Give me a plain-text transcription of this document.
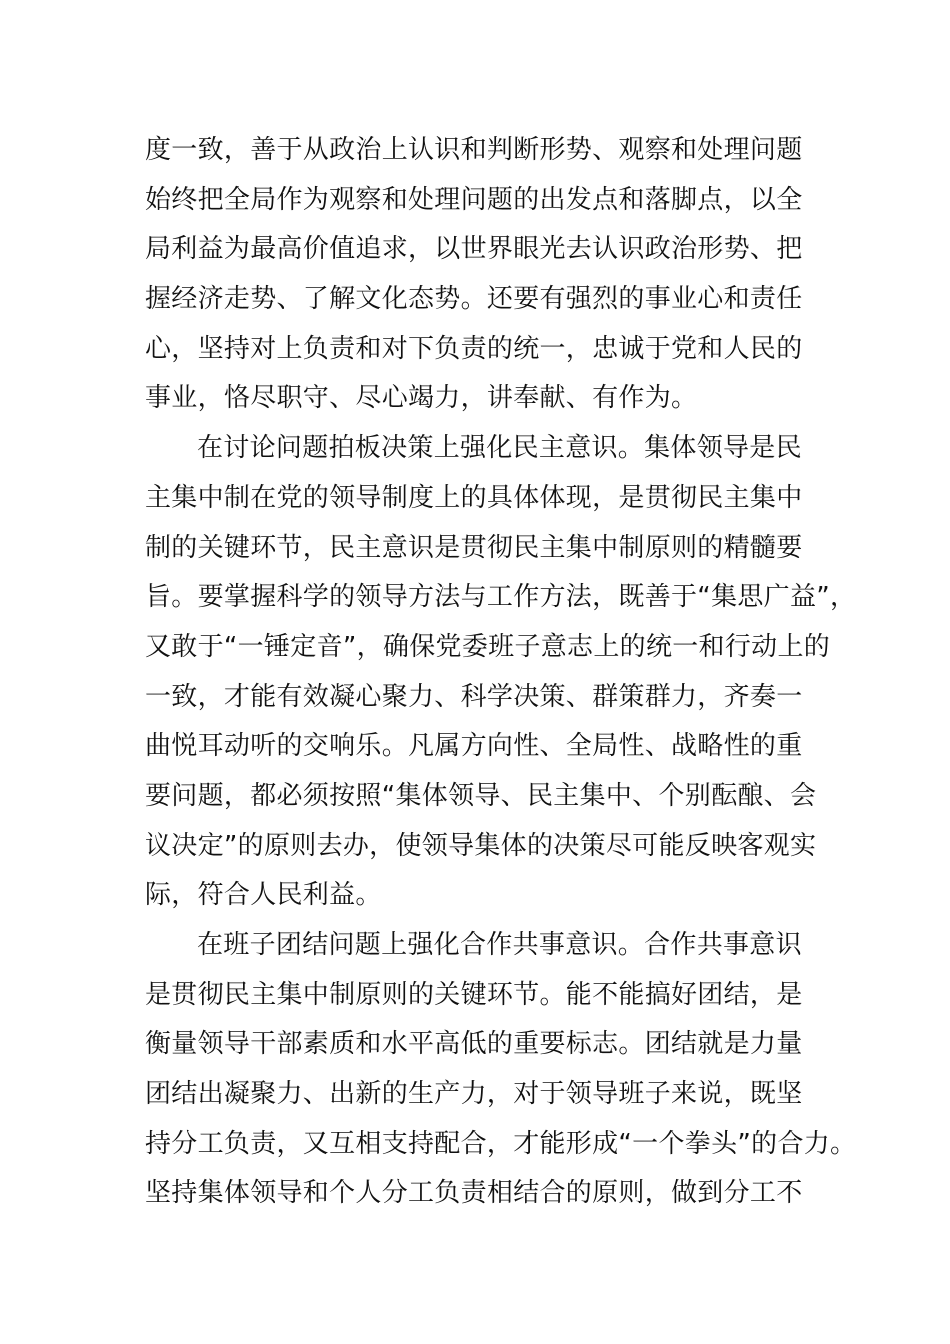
度一致，善于从政治上认识和判断形势、观察和处理问题
始终把全局作为观察和处理问题的出发点和落脚点，以全
局利益为最高价值追求，以世界眼光去认识政治形势、把
握经济走势、了解文化态势。还要有强烈的事业心和责任
心，坚持对上负责和对下负责的统一，忠诚于党和人民的
事业，恪尽职守、尽心竭力，讲奉献、有作为。
在讨论问题拍板决策上强化民主意识。集体领导是民
主集中制在党的领导制度上的具体体现，是贯彻民主集中
制的关键环节，民主意识是贯彻民主集中制原则的精髓要
旨。要掌握科学的领导方法与工作方法，既善于“集思广益”，
又敢于“一锤定音”，确保党委班子意志上的统一和行动上的
一致，才能有效凝心聚力、科学决策、群策群力，齐奏一
曲悦耳动听的交响乐。凡属方向性、全局性、战略性的重
要问题，都必须按照“集体领导、民主集中、个别酝酿、会
议决定”的原则去办，使领导集体的决策尽可能反映客观实
际，符合人民利益。
在班子团结问题上强化合作共事意识。合作共事意识
是贯彻民主集中制原则的关键环节。能不能搞好团结，是
衡量领导干部素质和水平高低的重要标志。团结就是力量
团结出凝聚力、出新的生产力，对于领导班子来说，既坚
持分工负责，又互相支持配合，才能形成“一个拳头”的合力。
坚持集体领导和个人分工负责相结合的原则，做到分工不
